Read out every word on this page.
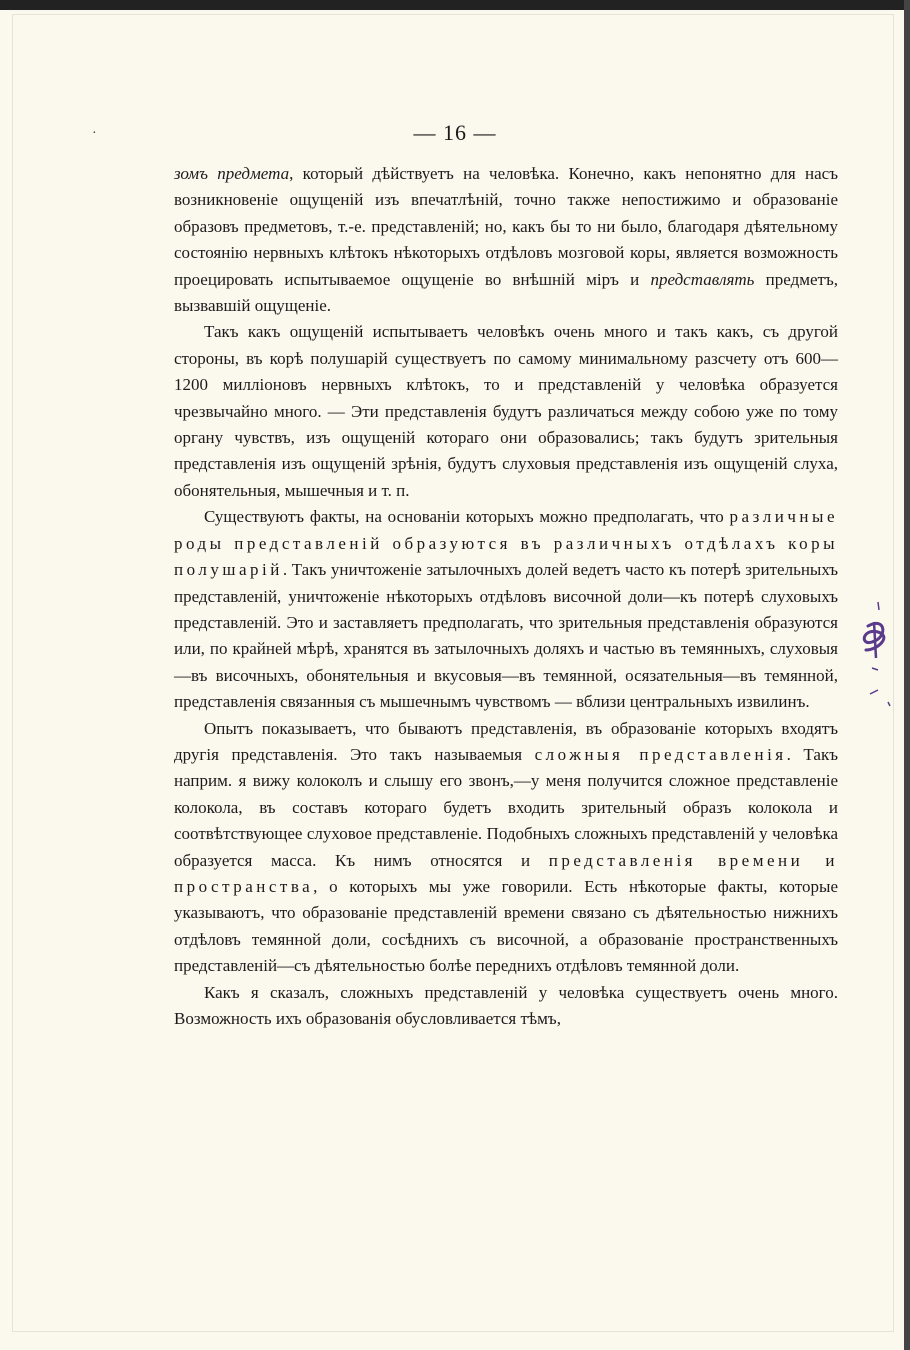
·	— 16 —

зомъ предмета, который дѣйствуетъ на человѣка. Конечно, какъ непонятно для насъ возникновеніе ощущеній изъ впечатлѣній, точно также непостижимо и образованіе образовъ предметовъ, т.-е. представленій; но, какъ бы то ни было, благодаря дѣятельному состоянію нервныхъ клѣтокъ нѣкоторыхъ отдѣловъ мозговой коры, является возможность проецировать испытываемое ощущеніе во внѣшній міръ и представлять предметъ, вызвавшій ощущеніе.

Такъ какъ ощущеній испытываетъ человѣкъ очень много и такъ какъ, съ другой стороны, въ корѣ полушарій существуетъ по самому минимальному разсчету отъ 600—1200 милліоновъ нервныхъ клѣтокъ, то и представленій у человѣка образуется чрезвычайно много. — Эти представленія будутъ различаться между собою уже по тому органу чувствъ, изъ ощущеній котораго они образовались; такъ будутъ зрительныя представленія изъ ощущеній зрѣнія, будутъ слуховыя представленія изъ ощущеній слуха, обонятельныя, мышечныя и т. п.

Существуютъ факты, на основаніи которыхъ можно предполагать, что различные роды представленій образуются въ различныхъ отдѣлахъ коры полушарій. Такъ уничтоженіе затылочныхъ долей ведетъ часто къ потерѣ зрительныхъ представленій, уничтоженіе нѣкоторыхъ отдѣловъ височной доли—къ потерѣ слуховыхъ представленій. Это и заставляетъ предполагать, что зрительныя представленія образуются или, по крайней мѣрѣ, хранятся въ затылочныхъ доляхъ и частью въ темянныхъ, слуховыя—въ височныхъ, обонятельныя и вкусовыя—въ темянной, осязательныя—въ темянной, представленія связанныя съ мышечнымъ чувствомъ — вблизи центральныхъ извилинъ.

Опытъ показываетъ, что бываютъ представленія, въ образованіе которыхъ входятъ другія представленія. Это такъ называемыя сложныя представленія. Такъ наприм. я вижу колоколъ и слышу его звонъ,—у меня получится сложное представленіе колокола, въ составъ котораго будетъ входить зрительный образъ колокола и соотвѣтствующее слуховое представленіе. Подобныхъ сложныхъ представленій у человѣка образуется масса. Къ нимъ относятся и представленія времени и пространства, о которыхъ мы уже говорили. Есть нѣкоторые факты, которые указываютъ, что образованіе представленій времени связано съ дѣятельностью нижнихъ отдѣловъ темянной доли, сосѣднихъ съ височной, а образованіе пространственныхъ представленій—съ дѣятельностью болѣе переднихъ отдѣловъ темянной доли.

Какъ я сказалъ, сложныхъ представленій у человѣка существуетъ очень много. Возможность ихъ образованія обусловливается тѣмъ,
